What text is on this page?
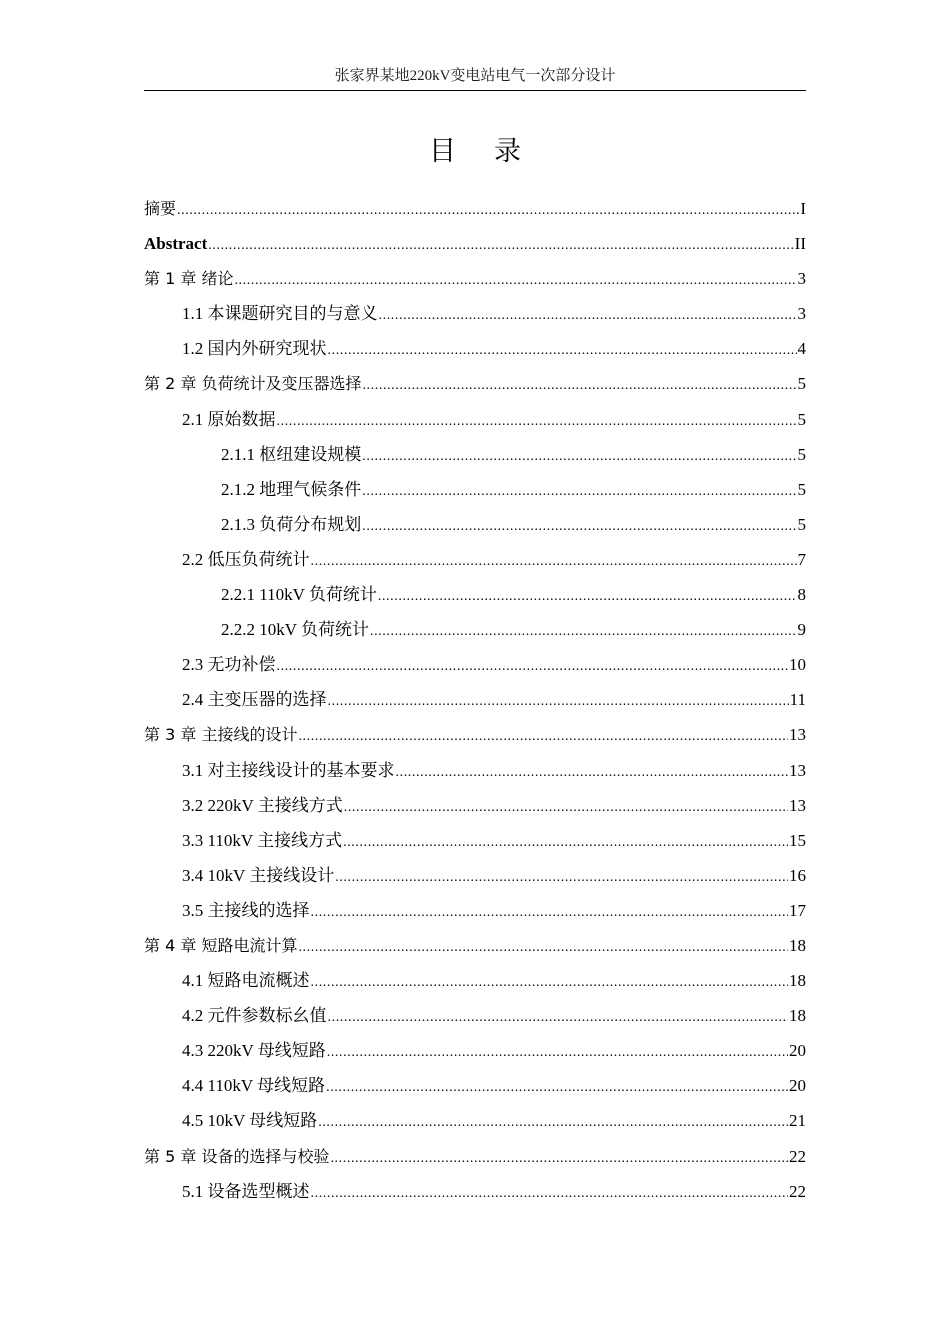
张家界某地220kV变电站电气一次部分设计
目录
摘要 .....	I
Abstract .....	II
第 1 章 绪论 .....	3
1.1 本课题研究目的与意义 .....	3
1.2 国内外研究现状 .....	4
第 2 章 负荷统计及变压器选择 .....	5
2.1 原始数据 .....	5
2.1.1 枢纽建设规模 .....	5
2.1.2 地理气候条件 .....	5
2.1.3 负荷分布规划 .....	5
2.2 低压负荷统计 .....	7
2.2.1 110kV 负荷统计 .....	8
2.2.2 10kV 负荷统计 .....	9
2.3 无功补偿 .....	10
2.4 主变压器的选择 .....	11
第 3 章 主接线的设计 .....	13
3.1 对主接线设计的基本要求 .....	13
3.2 220kV 主接线方式 .....	13
3.3 110kV 主接线方式 .....	15
3.4 10kV 主接线设计 .....	16
3.5 主接线的选择 .....	17
第 4 章 短路电流计算 .....	18
4.1 短路电流概述 .....	18
4.2 元件参数标幺值 .....	18
4.3 220kV 母线短路 .....	20
4.4 110kV 母线短路 .....	20
4.5 10kV 母线短路 .....	21
第 5 章 设备的选择与校验 .....	22
5.1 设备选型概述 .....	22
